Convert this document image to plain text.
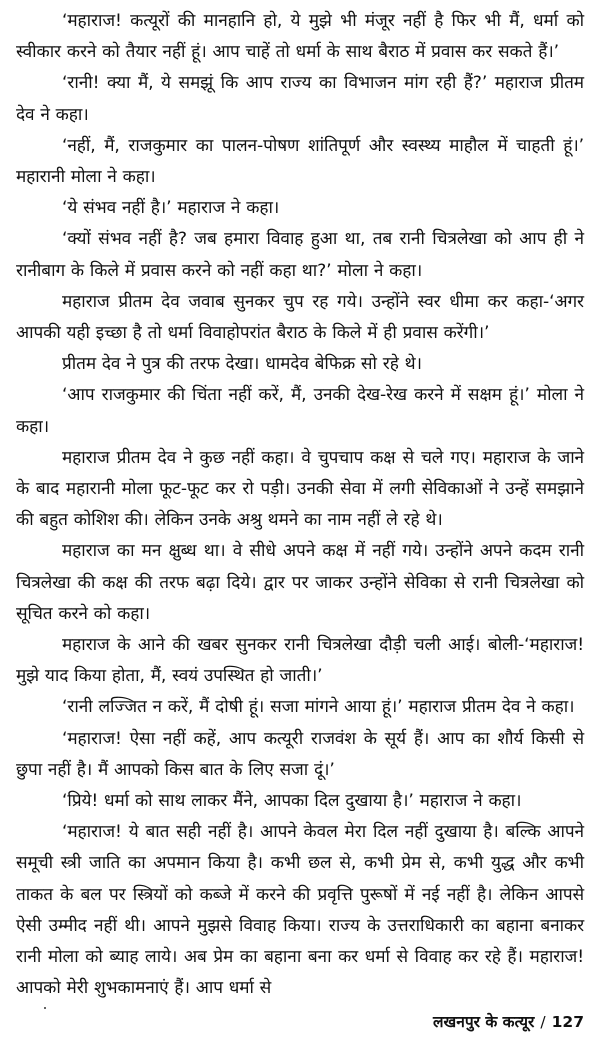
‘महाराज! कत्यूरों की मानहानि हो, ये मुझे भी मंजूर नहीं है फिर भी मैं, धर्मा को स्वीकार करने को तैयार नहीं हूं। आप चाहें तो धर्मा के साथ बैराठ में प्रवास कर सकते हैं।’

‘रानी! क्या मैं, ये समझूं कि आप राज्य का विभाजन मांग रही हैं?’ महाराज प्रीतम देव ने कहा।

‘नहीं, मैं, राजकुमार का पालन-पोषण शांतिपूर्ण और स्वस्थ्य माहौल में चाहती हूं।’ महारानी मोला ने कहा।

‘ये संभव नहीं है।’ महाराज ने कहा।

‘क्यों संभव नहीं है? जब हमारा विवाह हुआ था, तब रानी चित्रलेखा को आप ही ने रानीबाग के किले में प्रवास करने को नहीं कहा था?’ मोला ने कहा।

महाराज प्रीतम देव जवाब सुनकर चुप रह गये। उन्होंने स्वर धीमा कर कहा-‘अगर आपकी यही इच्छा है तो धर्मा विवाहोपरांत बैराठ के किले में ही प्रवास करेंगी।’

प्रीतम देव ने पुत्र की तरफ देखा। धामदेव बेफिक्र सो रहे थे।

‘आप राजकुमार की चिंता नहीं करें, मैं, उनकी देख-रेख करने में सक्षम हूं।’ मोला ने कहा।

महाराज प्रीतम देव ने कुछ नहीं कहा। वे चुपचाप कक्ष से चले गए। महाराज के जाने के बाद महारानी मोला फूट-फूट कर रो पड़ी। उनकी सेवा में लगी सेविकाओं ने उन्हें समझाने की बहुत कोशिश की। लेकिन उनके अश्रु थमने का नाम नहीं ले रहे थे।

महाराज का मन क्षुब्ध था। वे सीधे अपने कक्ष में नहीं गये। उन्होंने अपने कदम रानी चित्रलेखा की कक्ष की तरफ बढ़ा दिये। द्वार पर जाकर उन्होंने सेविका से रानी चित्रलेखा को सूचित करने को कहा।

महाराज के आने की खबर सुनकर रानी चित्रलेखा दौड़ी चली आई। बोली-‘महाराज! मुझे याद किया होता, मैं, स्वयं उपस्थित हो जाती।’

‘रानी लज्जित न करें, मैं दोषी हूं। सजा मांगने आया हूं।’ महाराज प्रीतम देव ने कहा।

‘महाराज! ऐसा नहीं कहें, आप कत्यूरी राजवंश के सूर्य हैं। आप का शौर्य किसी से छुपा नहीं है। मैं आपको किस बात के लिए सजा दूं।’

‘प्रिये! धर्मा को साथ लाकर मैंने, आपका दिल दुखाया है।’ महाराज ने कहा।

‘महाराज! ये बात सही नहीं है। आपने केवल मेरा दिल नहीं दुखाया है। बल्कि आपने समूची स्त्री जाति का अपमान किया है। कभी छल से, कभी प्रेम से, कभी युद्ध और कभी ताकत के बल पर स्त्रियों को कब्जे में करने की प्रवृत्ति पुरूषों में नई नहीं है। लेकिन आपसे ऐसी उम्मीद नहीं थी। आपने मुझसे विवाह किया। राज्य के उत्तराधिकारी का बहाना बनाकर रानी मोला को ब्याह लाये। अब प्रेम का बहाना बना कर धर्मा से विवाह कर रहे हैं। महाराज! आपको मेरी शुभकामनाएं हैं। आप धर्मा से

लखनपुर के कत्यूर / 127
